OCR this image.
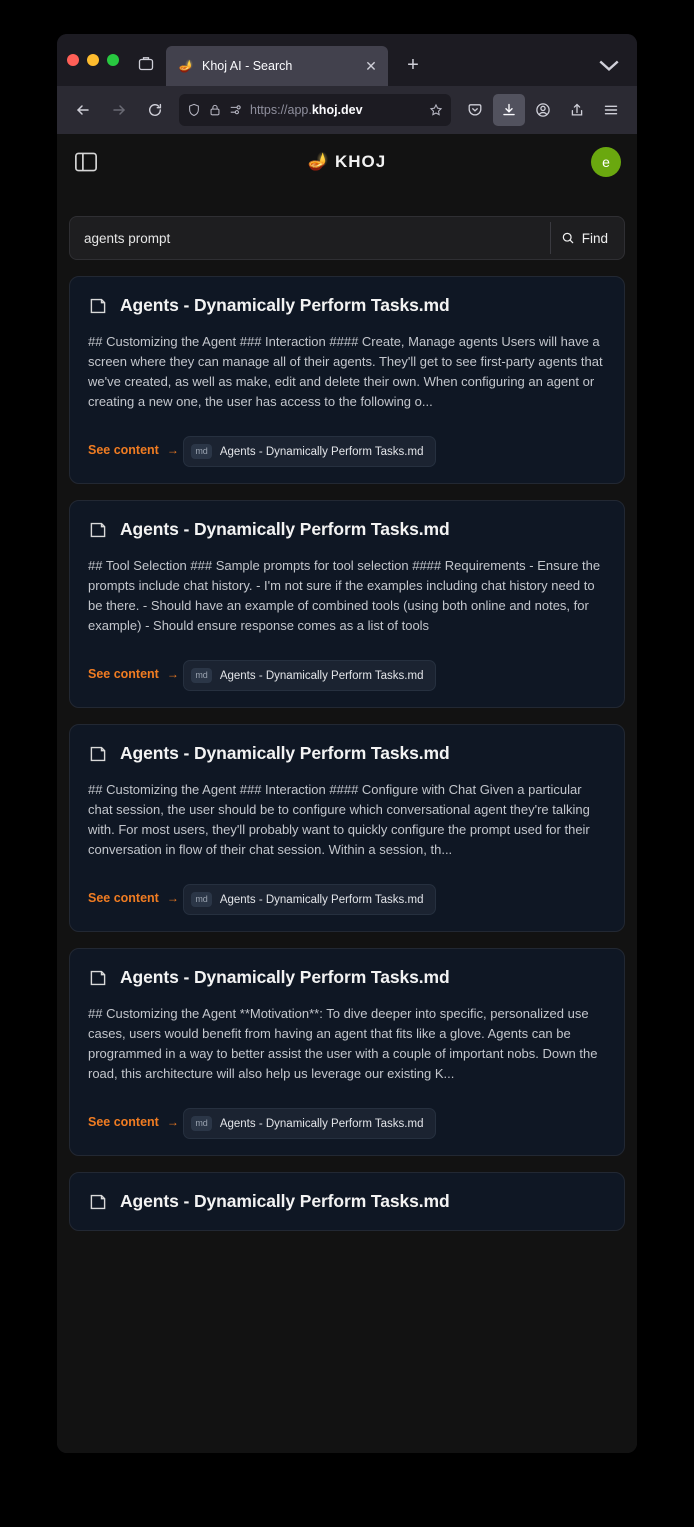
🪔 Khoj AI - Search	✕	+
https://app.khoj.dev
🪔 KHOJ	e
agents prompt
Find
Agents - Dynamically Perform Tasks.md
## Customizing the Agent ### Interaction #### Create, Manage agents Users will have a screen where they can manage all of their agents. They'll get to see first-party agents that we've created, as well as make, edit and delete their own. When configuring an agent or creating a new one, the user has access to the following o...
See content →
	md	Agents - Dynamically Perform Tasks.md
Agents - Dynamically Perform Tasks.md
## Tool Selection ### Sample prompts for tool selection #### Requirements - Ensure the prompts include chat history. - I'm not sure if the examples including chat history need to be there. - Should have an example of combined tools (using both online and notes, for example) - Should ensure response comes as a list of tools
See content →
	md	Agents - Dynamically Perform Tasks.md
Agents - Dynamically Perform Tasks.md
## Customizing the Agent ### Interaction #### Configure with Chat Given a particular chat session, the user should be to configure which conversational agent they're talking with. For most users, they'll probably want to quickly configure the prompt used for their conversation in flow of their chat session. Within a session, th...
See content →
	md	Agents - Dynamically Perform Tasks.md
Agents - Dynamically Perform Tasks.md
## Customizing the Agent **Motivation**: To dive deeper into specific, personalized use cases, users would benefit from having an agent that fits like a glove. Agents can be programmed in a way to better assist the user with a couple of important nobs. Down the road, this architecture will also help us leverage our existing K...
See content →
	md	Agents - Dynamically Perform Tasks.md
Agents - Dynamically Perform Tasks.md
